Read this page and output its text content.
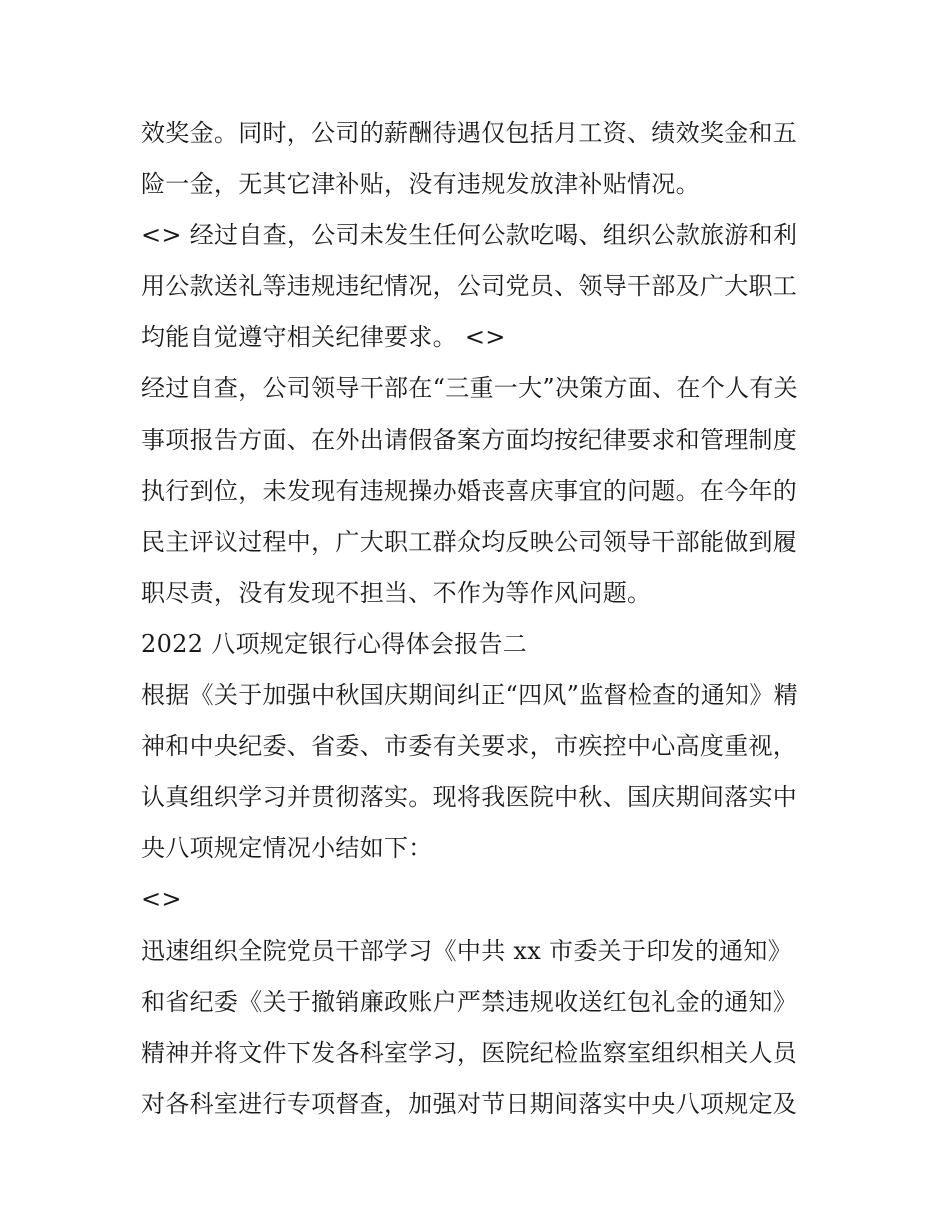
效奖金。同时，公司的薪酬待遇仅包括月工资、绩效奖金和五
险一金，无其它津补贴，没有违规发放津补贴情况。
<> 经过自查，公司未发生任何公款吃喝、组织公款旅游和利
用公款送礼等违规违纪情况，公司党员、领导干部及广大职工
均能自觉遵守相关纪律要求。 <>
经过自查，公司领导干部在“三重一大”决策方面、在个人有关
事项报告方面、在外出请假备案方面均按纪律要求和管理制度
执行到位，未发现有违规操办婚丧喜庆事宜的问题。在今年的
民主评议过程中，广大职工群众均反映公司领导干部能做到履
职尽责，没有发现不担当、不作为等作风问题。
2022 八项规定银行心得体会报告二
根据《关于加强中秋国庆期间纠正“四风”监督检查的通知》精
神和中央纪委、省委、市委有关要求，市疾控中心高度重视，
认真组织学习并贯彻落实。现将我医院中秋、国庆期间落实中
央八项规定情况小结如下：
<>
迅速组织全院党员干部学习《中共 xx 市委关于印发的通知》
和省纪委《关于撤销廉政账户严禁违规收送红包礼金的通知》
精神并将文件下发各科室学习，医院纪检监察室组织相关人员
对各科室进行专项督查，加强对节日期间落实中央八项规定及
